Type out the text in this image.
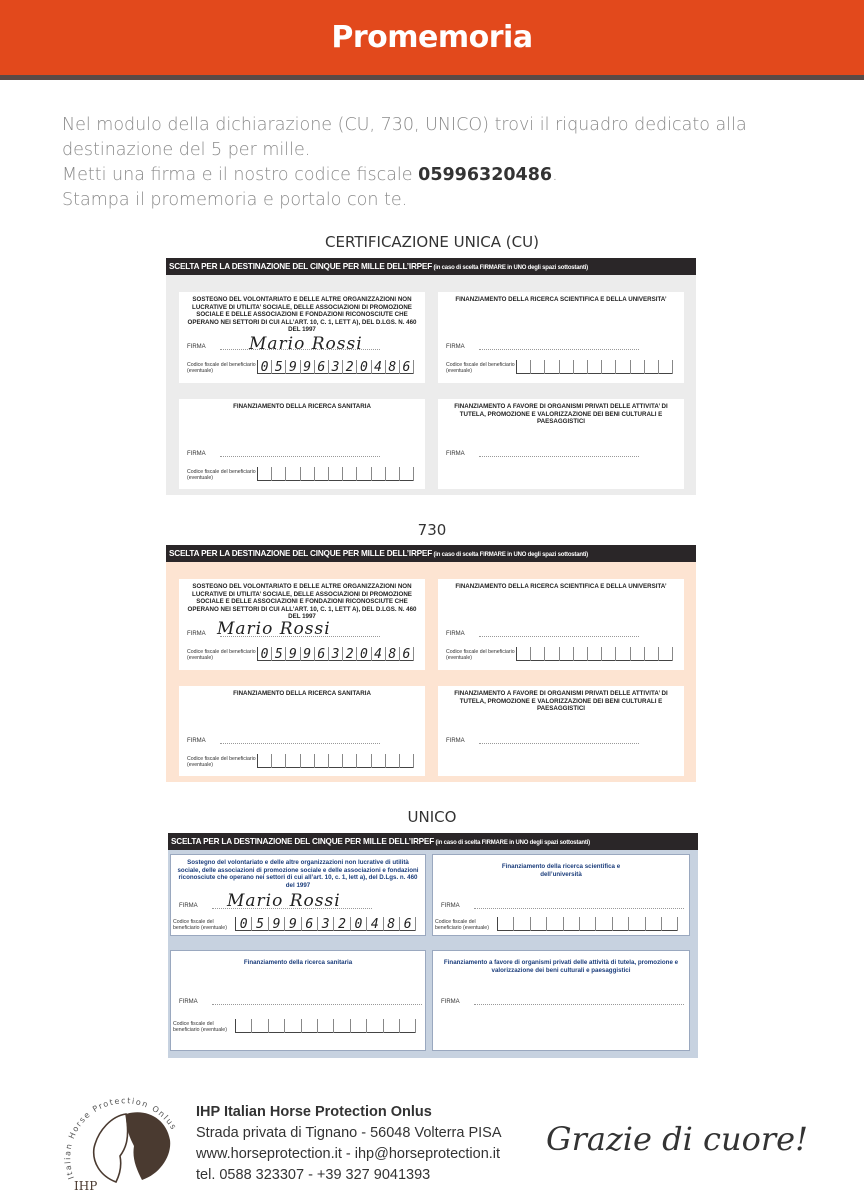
Promemoria
Nel modulo della dichiarazione (CU, 730, UNICO) trovi il riquadro dedicato alla destinazione del 5 per mille.
Metti una firma e il nostro codice fiscale 05996320486.
Stampa il promemoria e portalo con te.
CERTIFICAZIONE UNICA (CU)
SCELTA PER LA DESTINAZIONE DEL CINQUE PER MILLE DELL’IRPEF (in caso di scelta FIRMARE in UNO degli spazi sottostanti)
SOSTEGNO DEL VOLONTARIATO E DELLE ALTRE ORGANIZZAZIONI NON LUCRATIVE DI UTILITA’ SOCIALE, DELLE ASSOCIAZIONI DI PROMOZIONE SOCIALE E DELLE ASSOCIAZIONI E FONDAZIONI RICONOSCIUTE CHE OPERANO NEI SETTORI DI CUI ALL’ART. 10, C. 1, LETT A), DEL D.LGS. N. 460 DEL 1997
FIRMA	Mario Rossi
Codice fiscale del beneficiario (eventuale)	0 5 9 9 6 3 2 0 4 8 6
FINANZIAMENTO DELLA RICERCA SCIENTIFICA E DELLA UNIVERSITA’
FIRMA
Codice fiscale del beneficiario (eventuale)
FINANZIAMENTO DELLA RICERCA SANITARIA
FIRMA
Codice fiscale del beneficiario (eventuale)
FINANZIAMENTO A FAVORE DI ORGANISMI PRIVATI DELLE ATTIVITA’ DI TUTELA, PROMOZIONE E VALORIZZAZIONE DEI BENI CULTURALI E PAESAGGISTICI
FIRMA
730
SCELTA PER LA DESTINAZIONE DEL CINQUE PER MILLE DELL’IRPEF (in caso di scelta FIRMARE in UNO degli spazi sottostanti)
SOSTEGNO DEL VOLONTARIATO E DELLE ALTRE ORGANIZZAZIONI NON LUCRATIVE DI UTILITA’ SOCIALE, DELLE ASSOCIAZIONI DI PROMOZIONE SOCIALE E DELLE ASSOCIAZIONI E FONDAZIONI RICONOSCIUTE CHE OPERANO NEI SETTORI DI CUI ALL’ART. 10, C. 1, LETT A), DEL D.LGS. N. 460 DEL 1997
FIRMA Mario Rossi
Codice fiscale del beneficiario (eventuale)	0 5 9 9 6 3 2 0 4 8 6
FINANZIAMENTO DELLA RICERCA SCIENTIFICA E DELLA UNIVERSITA’
FIRMA
Codice fiscale del beneficiario (eventuale)
FINANZIAMENTO DELLA RICERCA SANITARIA
FIRMA
Codice fiscale del beneficiario (eventuale)
FINANZIAMENTO A FAVORE DI ORGANISMI PRIVATI DELLE ATTIVITA’ DI TUTELA, PROMOZIONE E VALORIZZAZIONE DEI BENI CULTURALI E PAESAGGISTICI
FIRMA
UNICO
SCELTA PER LA DESTINAZIONE DEL CINQUE PER MILLE DELL’IRPEF (in caso di scelta FIRMARE in UNO degli spazi sottostanti)
Sostegno del volontariato e delle altre organizzazioni non lucrative di utilità sociale, delle associazioni di promozione sociale e delle associazioni e fondazioni riconosciute che operano nei settori di cui all’art. 10, c. 1, lett a), del D.Lgs. n. 460 del 1997
FIRMA Mario Rossi
Codice fiscale del beneficiario (eventuale) 0 5 9 9 6 3 2 0 4 8 6
Finanziamento della ricerca scientifica e dell’università
FIRMA
Codice fiscale del beneficiario (eventuale)
Finanziamento della ricerca sanitaria
FIRMA
Codice fiscale del beneficiario (eventuale)
Finanziamento a favore di organismi privati delle attività di tutela, promozione e valorizzazione dei beni culturali e paesaggistici
FIRMA
Italian Horse Protection Onlus
IHP
IHP Italian Horse Protection Onlus
Strada privata di Tignano - 56048 Volterra PISA
www.horseprotection.it - ihp@horseprotection.it
tel. 0588 323307 - +39 327 9041393
Grazie di cuore!
